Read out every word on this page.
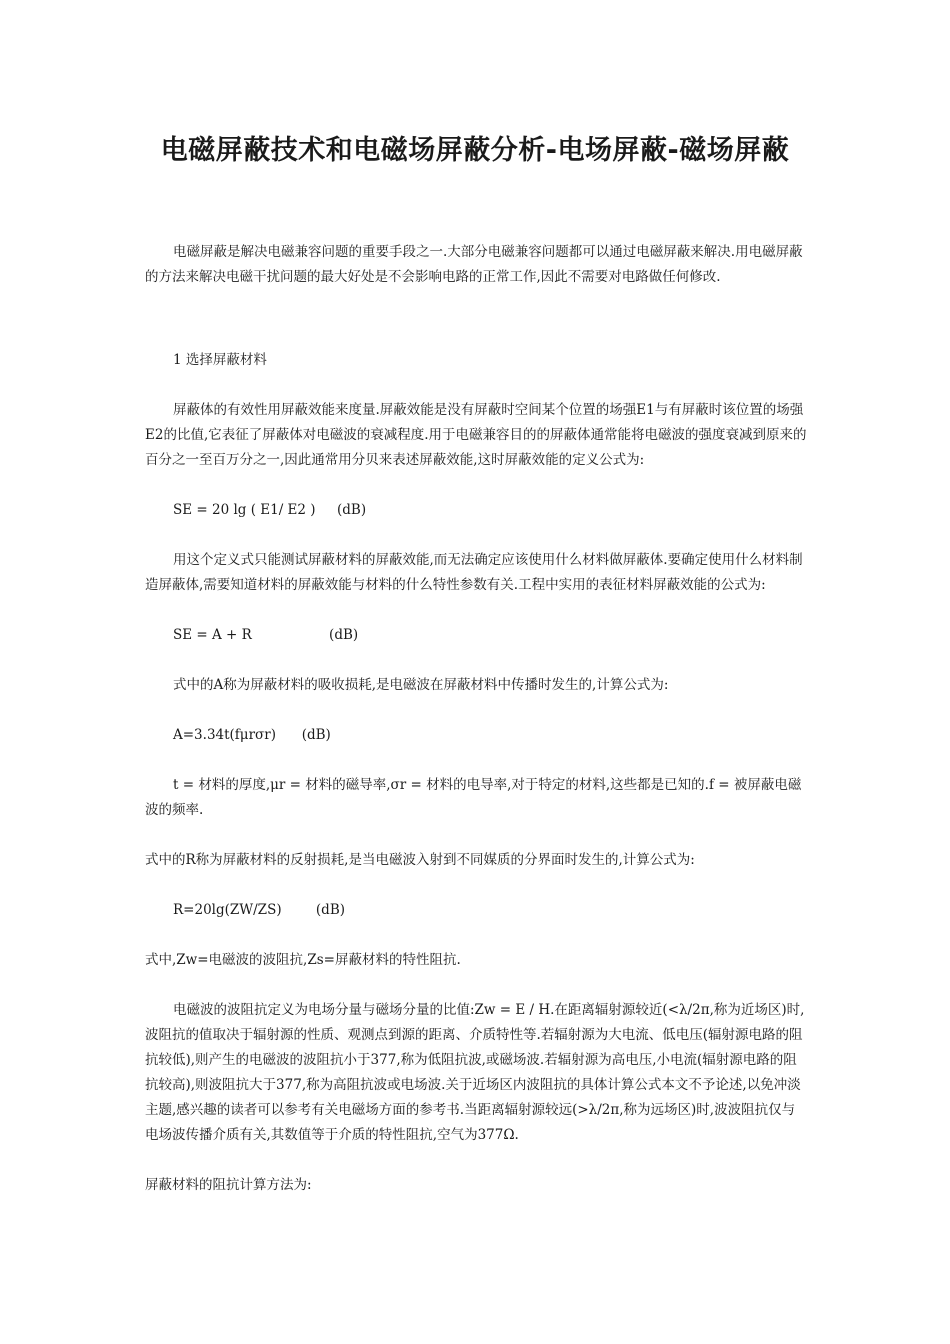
电磁屏蔽技术和电磁场屏蔽分析-电场屏蔽-磁场屏蔽

电磁屏蔽是解决电磁兼容问题的重要手段之一.大部分电磁兼容问题都可以通过电磁屏蔽来解决.用电磁屏蔽的方法来解决电磁干扰问题的最大好处是不会影响电路的正常工作,因此不需要对电路做任何修改.

1 选择屏蔽材料

屏蔽体的有效性用屏蔽效能来度量.屏蔽效能是没有屏蔽时空间某个位置的场强E1与有屏蔽时该位置的场强E2的比值,它表征了屏蔽体对电磁波的衰减程度.用于电磁兼容目的的屏蔽体通常能将电磁波的强度衰减到原来的百分之一至百万分之一,因此通常用分贝来表述屏蔽效能,这时屏蔽效能的定义公式为:

SE = 20 lg ( E1/ E2 )     (dB)

用这个定义式只能测试屏蔽材料的屏蔽效能,而无法确定应该使用什么材料做屏蔽体.要确定使用什么材料制造屏蔽体,需要知道材料的屏蔽效能与材料的什么特性参数有关.工程中实用的表征材料屏蔽效能的公式为:

SE = A + R                  (dB)

式中的A称为屏蔽材料的吸收损耗,是电磁波在屏蔽材料中传播时发生的,计算公式为:

A=3.34t(fμrσr)      (dB)

t = 材料的厚度,μr = 材料的磁导率,σr = 材料的电导率,对于特定的材料,这些都是已知的.f = 被屏蔽电磁波的频率.

式中的R称为屏蔽材料的反射损耗,是当电磁波入射到不同媒质的分界面时发生的,计算公式为:

R=20lg(ZW/ZS)        (dB)

式中,Zw=电磁波的波阻抗,Zs=屏蔽材料的特性阻抗.

电磁波的波阻抗定义为电场分量与磁场分量的比值:Zw = E / H.在距离辐射源较近(<λ/2π,称为近场区)时,波阻抗的值取决于辐射源的性质、观测点到源的距离、介质特性等.若辐射源为大电流、低电压(辐射源电路的阻抗较低),则产生的电磁波的波阻抗小于377,称为低阻抗波,或磁场波.若辐射源为高电压,小电流(辐射源电路的阻抗较高),则波阻抗大于377,称为高阻抗波或电场波.关于近场区内波阻抗的具体计算公式本文不予论述,以免冲淡主题,感兴趣的读者可以参考有关电磁场方面的参考书.当距离辐射源较远(>λ/2π,称为远场区)时,波波阻抗仅与电场波传播介质有关,其数值等于介质的特性阻抗,空气为377Ω.

屏蔽材料的阻抗计算方法为:
